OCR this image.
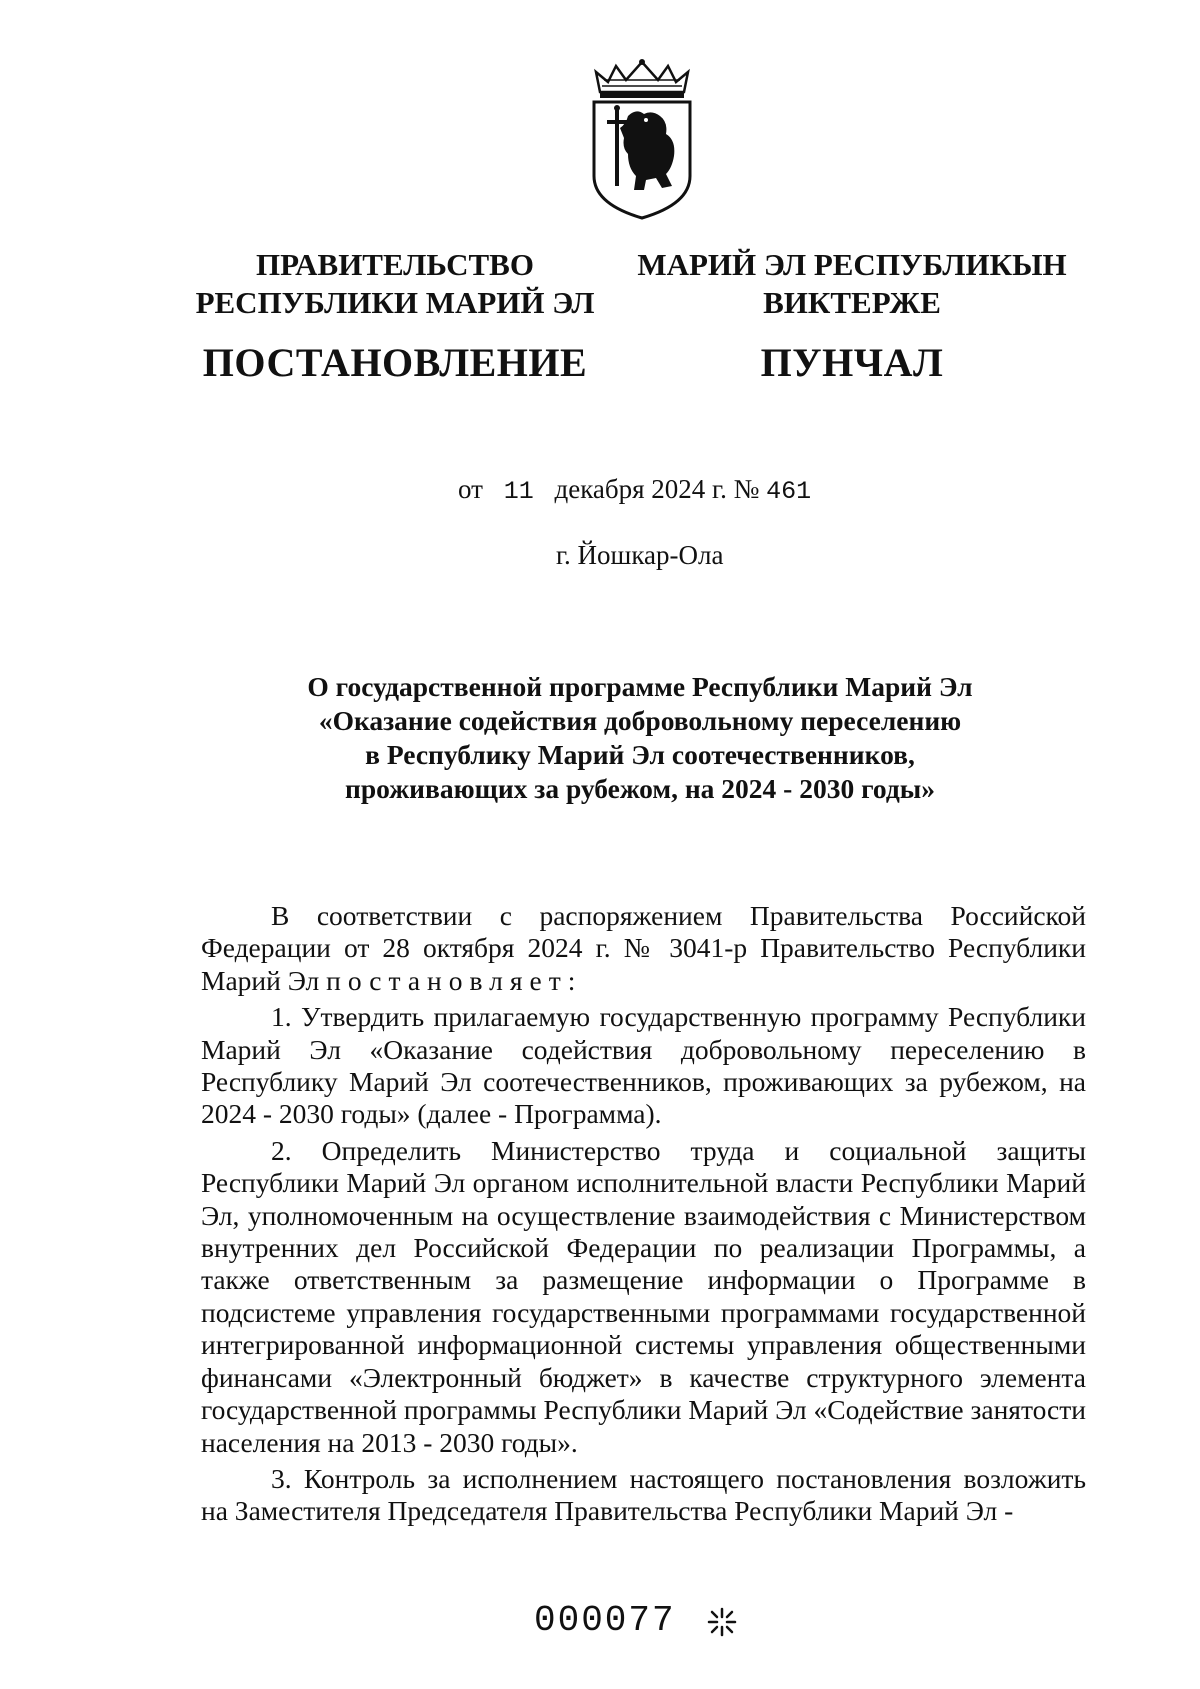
ПРАВИТЕЛЬСТВО
РЕСПУБЛИКИ МАРИЙ ЭЛ
ПОСТАНОВЛЕНИЕ
МАРИЙ ЭЛ РЕСПУБЛИКЫН
ВИКТЕРЖЕ
ПУНЧАЛ
от 11 декабря 2024 г. № 461
г. Йошкар-Ола
О государственной программе Республики Марий Эл
«Оказание содействия добровольному переселению
в Республику Марий Эл соотечественников,
проживающих за рубежом, на 2024 - 2030 годы»

В соответствии с распоряжением Правительства Российской Федерации от 28 октября 2024 г. № 3041-р Правительство Республики Марий Эл постановляет:

1. Утвердить прилагаемую государственную программу Республики Марий Эл «Оказание содействия добровольному переселению в Республику Марий Эл соотечественников, проживающих за рубежом, на 2024 - 2030 годы» (далее - Программа).

2. Определить Министерство труда и социальной защиты Республики Марий Эл органом исполнительной власти Республики Марий Эл, уполномоченным на осуществление взаимодействия с Министерством внутренних дел Российской Федерации по реализации Программы, а также ответственным за размещение информации о Программе в подсистеме управления государственными программами государственной интегрированной информационной системы управления общественными финансами «Электронный бюджет» в качестве структурного элемента государственной программы Республики Марий Эл «Содействие занятости населения на 2013 - 2030 годы».

3. Контроль за исполнением настоящего постановления возложить на Заместителя Председателя Правительства Республики Марий Эл -

000077
